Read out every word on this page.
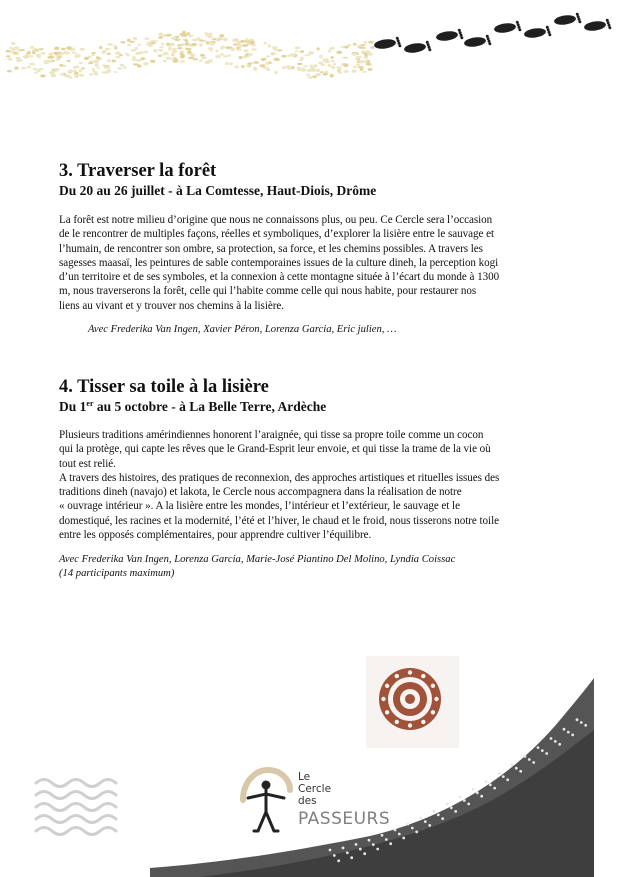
3. Traverser la forêt

Du 20 au 26 juillet - à La Comtesse, Haut-Diois, Drôme

La forêt est notre milieu d’origine que nous ne connaissons plus, ou peu. Ce Cercle sera l’occasion
de le rencontrer de multiples façons, réelles et symboliques, d’explorer la lisière entre le sauvage et
l’humain, de rencontrer son ombre, sa protection, sa force, et les chemins possibles. A travers les
sagesses maasaï, les peintures de sable contemporaines issues de la culture dineh, la perception kogi
d’un territoire et de ses symboles, et la connexion à cette montagne située à l’écart du monde à 1300
m, nous traverserons la forêt, celle qui l’habite comme celle qui nous habite, pour restaurer nos
liens au vivant et y trouver nos chemins à la lisière.

Avec Frederika Van Ingen, Xavier Péron, Lorenza Garcia, Eric julien, …

4. Tisser sa toile à la lisière

Du 1er au 5 octobre - à La Belle Terre, Ardèche

Plusieurs traditions amérindiennes honorent l’araignée, qui tisse sa propre toile comme un cocon
qui la protège, qui capte les rêves que le Grand-Esprit leur envoie, et qui tisse la trame de la vie où
tout est relié.
A travers des histoires, des pratiques de reconnexion, des approches artistiques et rituelles issues des
traditions dineh (navajo) et lakota, le Cercle nous accompagnera dans la réalisation de notre
« ouvrage intérieur ». A la lisière entre les mondes, l’intérieur et l’extérieur, le sauvage et le
domestiqué, les racines et la modernité, l’été et l’hiver, le chaud et le froid, nous tisserons notre toile
entre les opposés complémentaires, pour apprendre cultiver l’équilibre.

Avec Frederika Van Ingen, Lorenza Garcia, Marie-José Piantino Del Molino, Lyndia Coissac

(14 participants maximum)

Le
Cercle
des
PASSEURS
